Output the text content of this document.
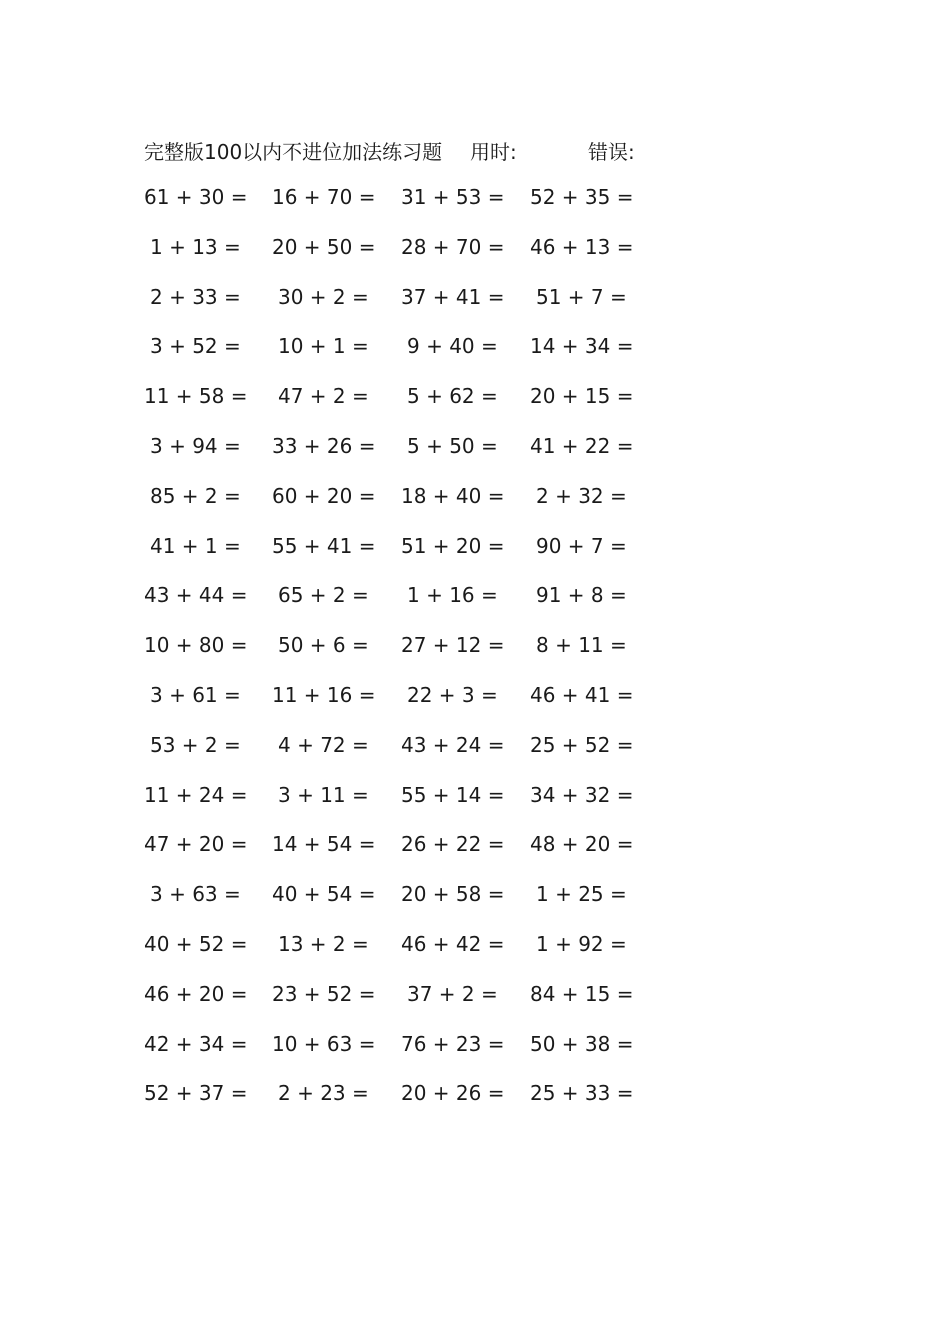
完整版100以内不进位加法练习题 用时:	错误:
61 + 30 = 16 + 70 = 31 + 53 = 52 + 35 =
1 + 13 = 20 + 50 = 28 + 70 = 46 + 13 =
2 + 33 = 30 + 2 = 37 + 41 = 51 + 7 =
3 + 52 = 10 + 1 = 9 + 40 = 14 + 34 =
11 + 58 = 47 + 2 = 5 + 62 = 20 + 15 =
3 + 94 = 33 + 26 = 5 + 50 = 41 + 22 =
85 + 2 = 60 + 20 = 18 + 40 = 2 + 32 =
41 + 1 = 55 + 41 = 51 + 20 = 90 + 7 =
43 + 44 = 65 + 2 = 1 + 16 = 91 + 8 =
10 + 80 = 50 + 6 = 27 + 12 = 8 + 11 =
3 + 61 = 11 + 16 = 22 + 3 = 46 + 41 =
53 + 2 = 4 + 72 = 43 + 24 = 25 + 52 =
11 + 24 = 3 + 11 = 55 + 14 = 34 + 32 =
47 + 20 = 14 + 54 = 26 + 22 = 48 + 20 =
3 + 63 = 40 + 54 = 20 + 58 = 1 + 25 =
40 + 52 = 13 + 2 = 46 + 42 = 1 + 92 =
46 + 20 = 23 + 52 = 37 + 2 = 84 + 15 =
42 + 34 = 10 + 63 = 76 + 23 = 50 + 38 =
52 + 37 = 2 + 23 = 20 + 26 = 25 + 33 =
